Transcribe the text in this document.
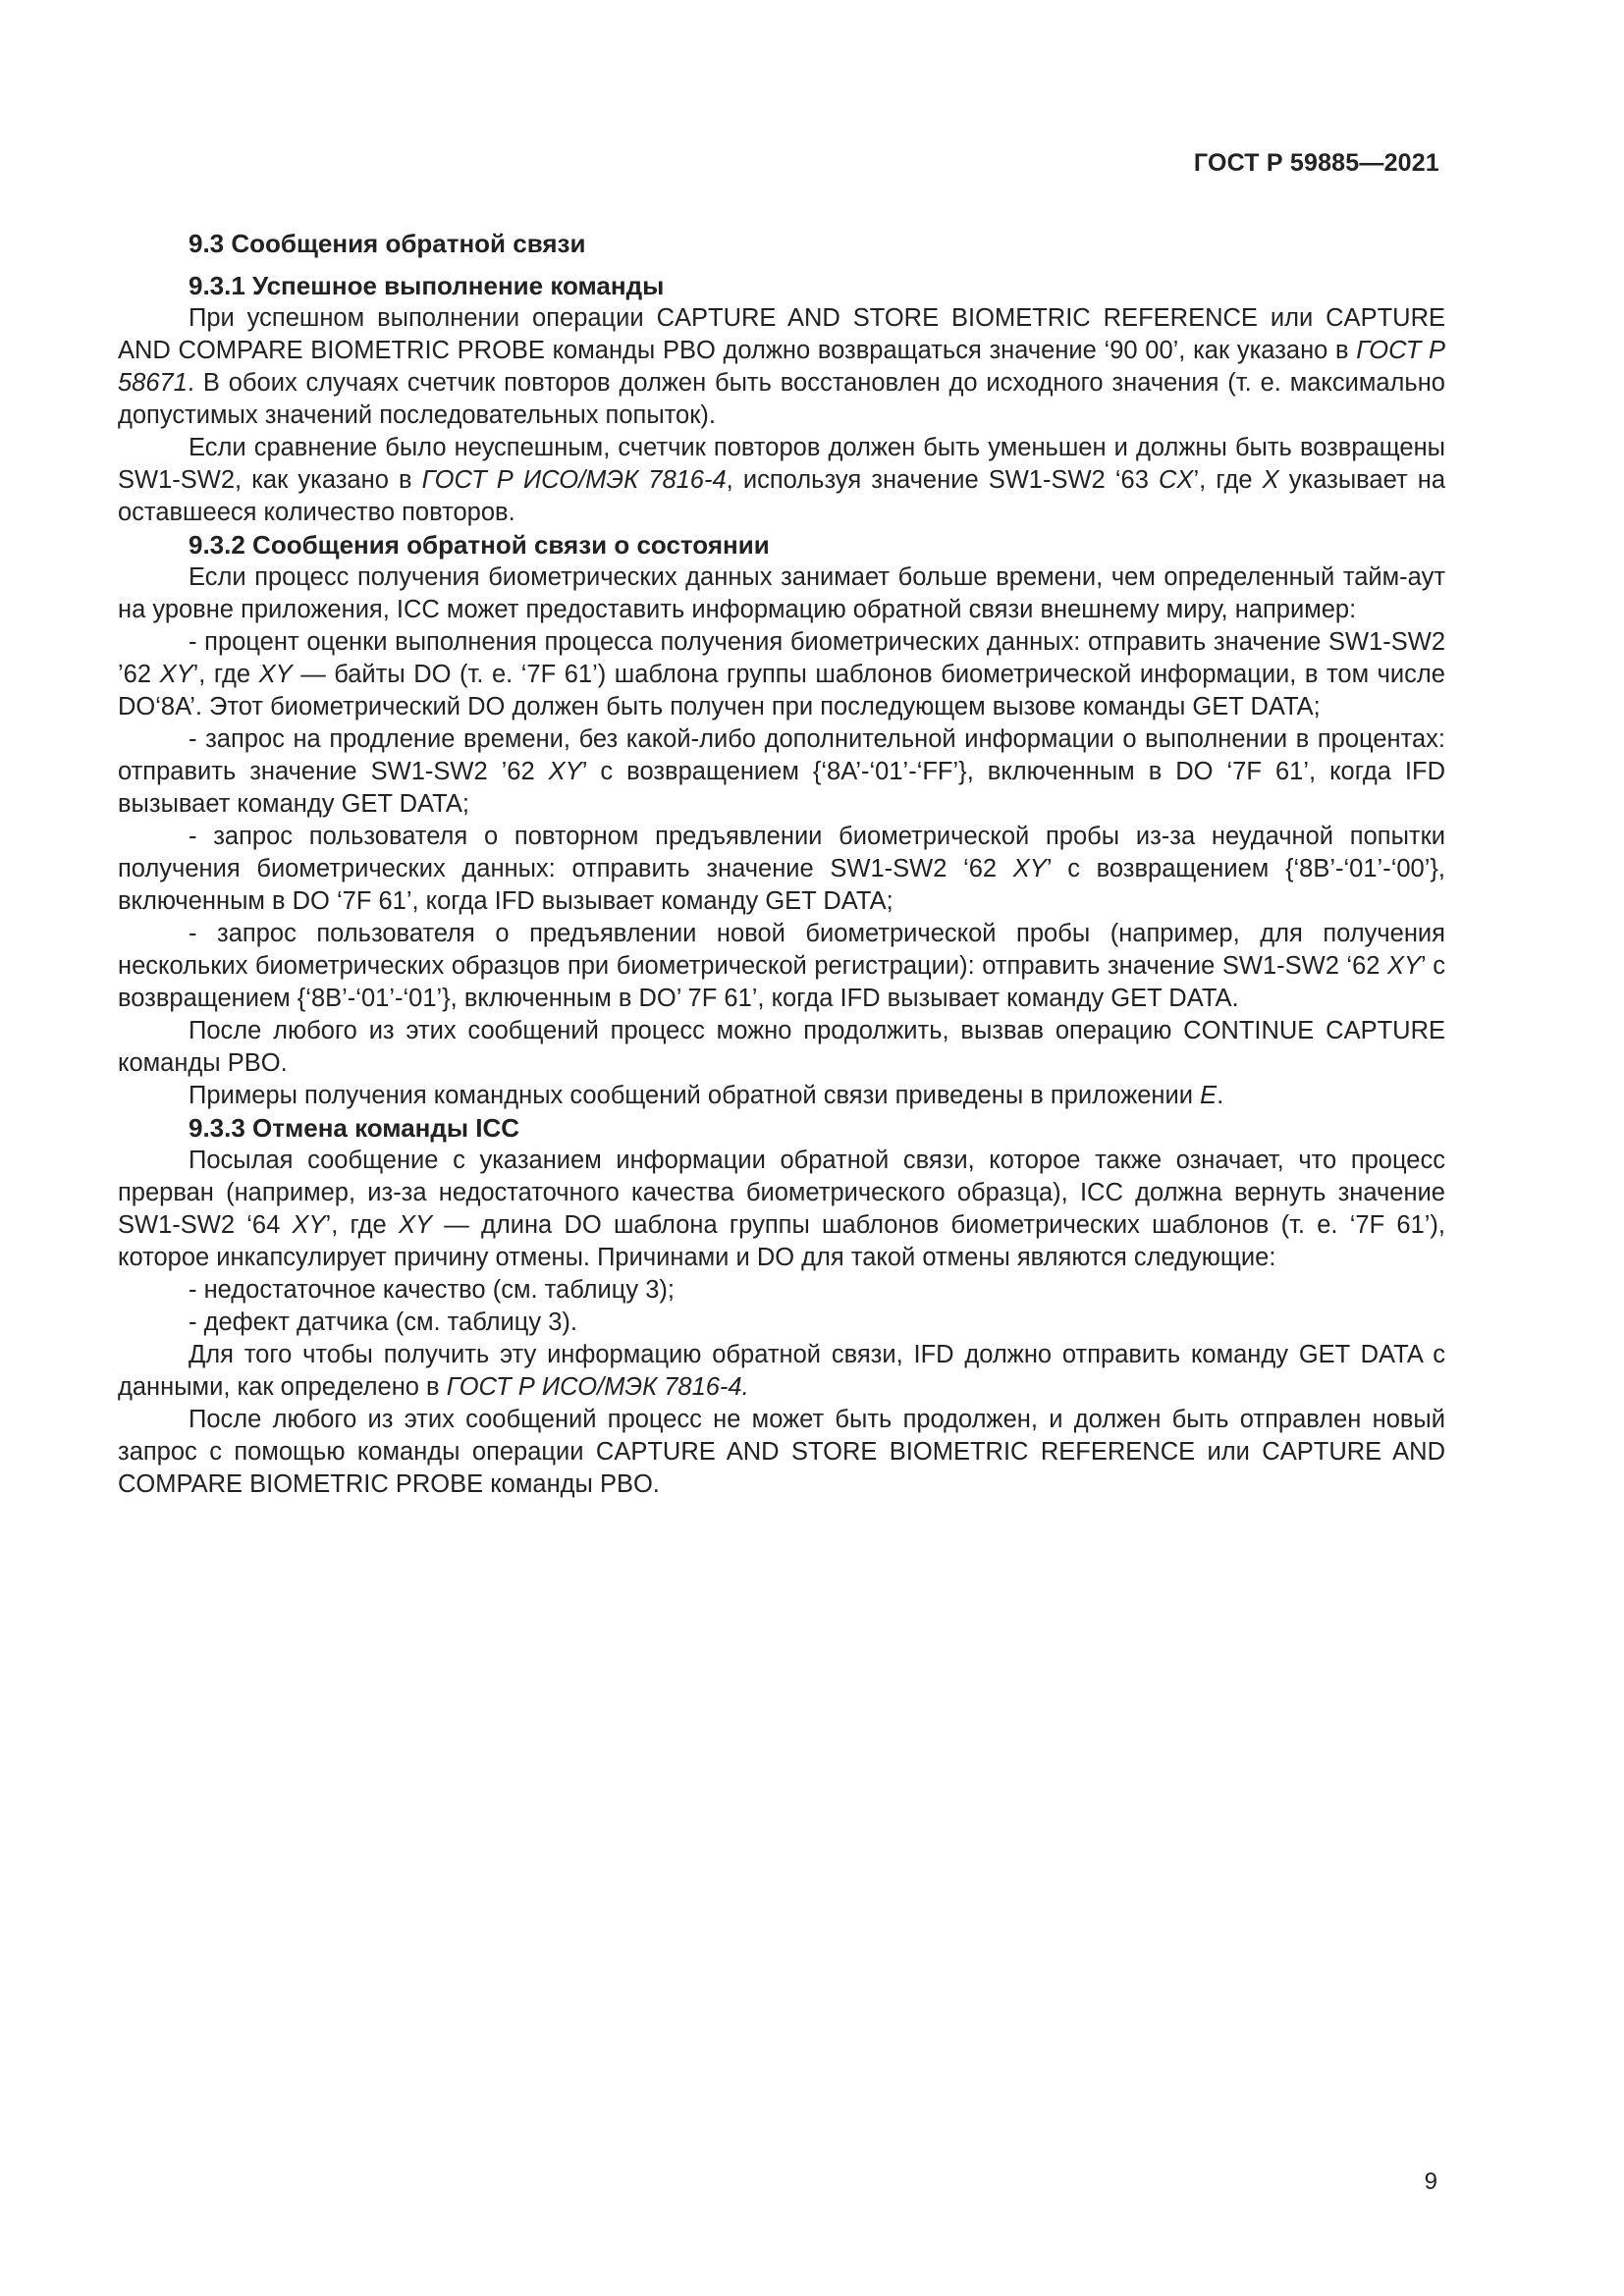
ГОСТ Р 59885—2021
9.3 Сообщения обратной связи
9.3.1 Успешное выполнение команды

При успешном выполнении операции CAPTURE AND STORE BIOMETRIC REFERENCE или CAPTURE AND COMPARE BIOMETRIC PROBE команды PBO должно возвращаться значение ‘90 00’, как указано в ГОСТ Р 58671. В обоих случаях счетчик повторов должен быть восстановлен до исходного значения (т. е. максимально допустимых значений последовательных попыток).

Если сравнение было неуспешным, счетчик повторов должен быть уменьшен и должны быть возвращены SW1-SW2, как указано в ГОСТ Р ИСО/МЭК 7816-4, используя значение SW1-SW2 ‘63 CX’, где X указывает на оставшееся количество повторов.

9.3.2 Сообщения обратной связи о состоянии

Если процесс получения биометрических данных занимает больше времени, чем определенный тайм-аут на уровне приложения, ICC может предоставить информацию обратной связи внешнему миру, например:

- процент оценки выполнения процесса получения биометрических данных: отправить значение SW1-SW2 ’62 XY’, где XY — байты DO (т. е. ‘7F 61’) шаблона группы шаблонов биометрической информации, в том числе DO‘8A’. Этот биометрический DO должен быть получен при последующем вызове команды GET DATA;

- запрос на продление времени, без какой-либо дополнительной информации о выполнении в процентах: отправить значение SW1-SW2 ’62 XY’ с возвращением {‘8A’-‘01’-‘FF’}, включенным в DO ‘7F 61’, когда IFD вызывает команду GET DATA;

- запрос пользователя о повторном предъявлении биометрической пробы из-за неудачной попытки получения биометрических данных: отправить значение SW1-SW2 ‘62 XY’ с возвращением {‘8B’-‘01’-‘00’}, включенным в DO ‘7F 61’, когда IFD вызывает команду GET DATA;

- запрос пользователя о предъявлении новой биометрической пробы (например, для получения нескольких биометрических образцов при биометрической регистрации): отправить значение SW1-SW2 ‘62 XY’ с возвращением {‘8B’-‘01’-‘01’}, включенным в DO’ 7F 61’, когда IFD вызывает команду GET DATA.

После любого из этих сообщений процесс можно продолжить, вызвав операцию CONTINUE CAPTURE команды PBO.

Примеры получения командных сообщений обратной связи приведены в приложении Е.

9.3.3 Отмена команды ICC

Посылая сообщение с указанием информации обратной связи, которое также означает, что процесс прерван (например, из-за недостаточного качества биометрического образца), ICC должна вернуть значение SW1-SW2 ‘64 XY’, где XY — длина DO шаблона группы шаблонов биометрических шаблонов (т. е. ‘7F 61’), которое инкапсулирует причину отмены. Причинами и DO для такой отмены являются следующие:

- недостаточное качество (см. таблицу 3);

- дефект датчика (см. таблицу 3).

Для того чтобы получить эту информацию обратной связи, IFD должно отправить команду GET DATA с данными, как определено в ГОСТ Р ИСО/МЭК 7816-4.

После любого из этих сообщений процесс не может быть продолжен, и должен быть отправлен новый запрос с помощью команды операции CAPTURE AND STORE BIOMETRIC REFERENCE или CAPTURE AND COMPARE BIOMETRIC PROBE команды PBO.

9
